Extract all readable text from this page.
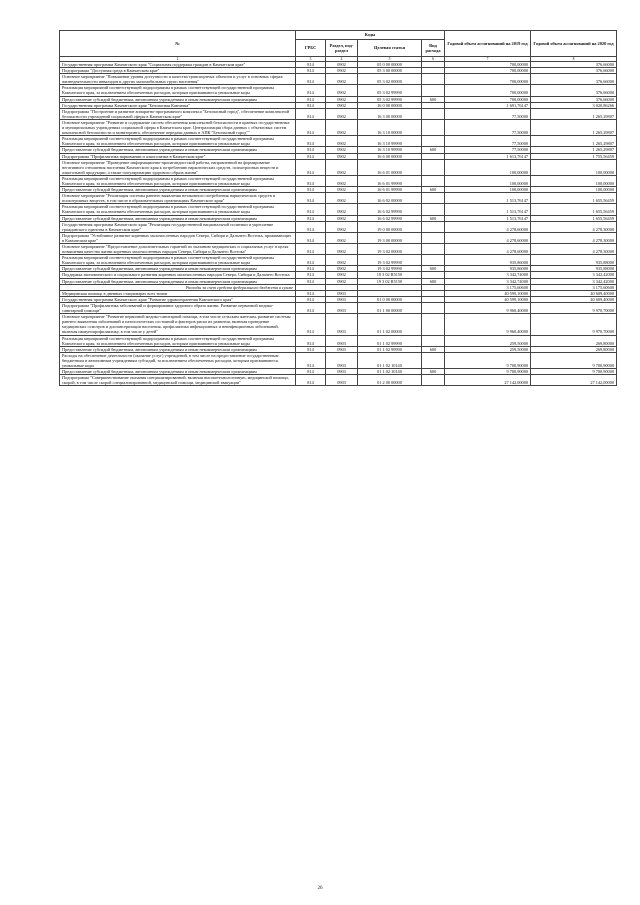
№	Коды				Годовой объем ассигнований на 2019 год	Годовой объем ассигнований на 2020 год
	ГРБС	Раздел, под-раздел	Целевая статья	Вид расхода		
2	3	4	5	6	7	8
Государственная программа Камчатского края "Социальная поддержка граждан в Камчатском крае"	814	0902	05 0 00 00000		700,00000	376,66000
Подпрограмма "Доступная среда в Камчатском крае"	814	0902	05 3 00 00000		700,00000	376,66000
Основное мероприятие "Повышение уровня доступности и качества транспортных объектов и услуг в основных сферах жизнедеятельности инвалидов и других маломобильных групп населения"	814	0902	05 3 02 00000		700,00000	376,66000
Реализация мероприятий соответствующей подпрограммы в рамках соответствующей государственной программы Камчатского края, за исключением обеспеченных расходов, которым присваиваются уникальные коды	814	0902	05 3 02 99990		700,00000	376,66000
Предоставление субсидий бюджетным, автономным учреждениям и иным некоммерческим организациям	814	0902	05 3 02 99990	600	700,00000	376,66000
Государственная программа Камчатского края "Безопасная Камчатка"	814	0902	16 0 00 00000		1 691,76147	3 020,86266
Подпрограмма "Построение и развитие аппаратно-программного комплекса "Безопасный город", обеспечение комплексной безопасности учреждений социальной сферы в Камчатском крае"	814	0902	16 3 00 00000		77,50000	1 265,29807
Основное мероприятие "Развитие и содержание систем обеспечения комплексной безопасности в краевых государственных и муниципальных учреждениях социальной сферы в Камчатском крае. Централизация сбора данных с объектовых систем комплексной безопасности и мониторинга, обеспечение передачи данных в АПК "Безопасный город""	814	0902	16 3 10 00000		77,50000	1 265,29807
Реализация мероприятий соответствующей подпрограммы в рамках соответствующей государственной программы Камчатского края, за исключением обеспеченных расходов, которым присваиваются уникальные коды	814	0902	16 3 10 99990		77,50000	1 265,29807
Предоставление субсидий бюджетным, автономным учреждениям и иным некоммерческим организациям	814	0902	16 3 10 99990	600	77,50000	1 265,29807
Подпрограмма "Профилактика наркомании и алкоголизма в Камчатском крае"	814	0902	16 6 00 00000		1 613,76147	1 755,56459
Основное мероприятие "Проведение информационно-пропагандистской работы, направленной на формирование негативного отношения населения Камчатского края к потреблению наркотических средств, психотропных веществ и алкогольной продукции, а также популяризацию здорового образа жизни"	814	0902	16 6 01 00000		100,00000	100,00000
Реализация мероприятий соответствующей подпрограммы в рамках соответствующей государственной программы Камчатского края, за исключением обеспеченных расходов, которым присваиваются уникальные коды	814	0902	16 6 01 99990		100,00000	100,00000
Предоставление субсидий бюджетным, автономным учреждениям и иным некоммерческим организациям	814	0902	16 6 01 99990	600	100,00000	100,00000
Основное мероприятие "Реализация системы раннего выявления незаконного потребления наркотических средств и психотропных веществ, в том числе в образовательных организациях Камчатского края"	814	0902	16 6 02 00000		1 513,76147	1 655,56459
Реализация мероприятий соответствующей подпрограммы в рамках соответствующей государственной программы Камчатского края, за исключением обеспеченных расходов, которым присваиваются уникальные коды	814	0902	16 6 02 99990		1 513,76147	1 655,56459
Предоставление субсидий бюджетным, автономным учреждениям и иным некоммерческим организациям	814	0902	16 6 02 99990	600	1 513,76147	1 655,56459
Государственная программа Камчатского края "Реализация государственной национальной политики и укрепление гражданского единства в Камчатском крае"	814	0902	19 0 00 00000		4 278,60000	4 278,30000
Подпрограмма "Устойчивое развитие коренных малочисленных народов Севера, Сибири и Дальнего Востока, проживающих в Камчатском крае"	814	0902	19 3 00 00000		4 278,60000	4 278,30000
Основное мероприятие "Предоставление дополнительных гарантий по оказанию медицинских и социальных услуг в целях повышения качества жизни коренных малочисленных народов Севера, Сибири и Дальнего Востока"	814	0902	19 3 02 00000		4 278,60000	4 278,30000
Реализация мероприятий соответствующей подпрограммы в рамках соответствующей государственной программы Камчатского края, за исключением обеспеченных расходов, которым присваиваются уникальные коды	814	0902	19 3 02 99990		935,86000	935,88000
Предоставление субсидий бюджетным, автономным учреждениям и иным некоммерческим организациям	814	0902	19 3 02 99990	600	935,86000	935,88000
Поддержка экономического и социального развития коренных малочисленных народов Севера, Сибири и Дальнего Востока	814	0902	19 3 02 R5150		3 342,74000	3 342,42000
Предоставление субсидий бюджетным, автономным учреждениям и иным некоммерческим организациям	814	0902	19 3 02 R5150	600	3 342,74000	3 342,42000
Расходы за счет средств федерального бюджета в сумме					3 175,60600	3 175,60600
Медицинская помощь в дневных стационарах всех типов	814	0903			40 599,10000	40 609,40000
Государственная программа Камчатского края "Развитие здравоохранения Камчатского края"	814	0903	01 0 00 00000		40 599,10000	40 609,40000
Подпрограмма "Профилактика заболеваний и формирование здорового образа жизни. Развитие первичной медико-санитарной помощи"	814	0903	01 1 00 00000		9 960,40000	9 970,70000
Основное мероприятие "Развитие первичной медико-санитарной помощи, в том числе сельским жителям, развитие системы раннего выявления заболеваний и патологических состояний и факторов риска их развития, включая проведение медицинских осмотров и диспансеризации населения, профилактика инфекционных и неинфекционных заболеваний, включая иммунопрофилактику, в том числе у детей"	814	0903	01 1 02 00000		9 960,40000	9 970,70000
Реализация мероприятий соответствующей подпрограммы в рамках соответствующей государственной программы Камчатского края, за исключением обеспеченных расходов, которым присваиваются уникальные коды	814	0903	01 1 02 99990		259,50000	269,80000
Предоставление субсидий бюджетным, автономным учреждениям и иным некоммерческим организациям	814	0903	01 1 02 99990	600	259,50000	269,80000
Расходы на обеспечение деятельности (оказание услуг) учреждений, в том числе на предоставление государственным бюджетным и автономным учреждениям субсидий, за исключением обеспеченных расходов, которым присваиваются уникальные коды	814	0903	01 1 02 10140		9 700,90000	9 700,90000
Предоставление субсидий бюджетным, автономным учреждениям и иным некоммерческим организациям	814	0903	01 1 02 10140	600	9 700,90000	9 700,90000
Подпрограмма "Совершенствование оказания специализированной, включая высокотехнологичную, медицинской помощи, скорой, в том числе скорой специализированной, медицинской помощи, медицинской эвакуации"	814	0903	01 2 00 00000		27 142,00000	27 142,00000
26
